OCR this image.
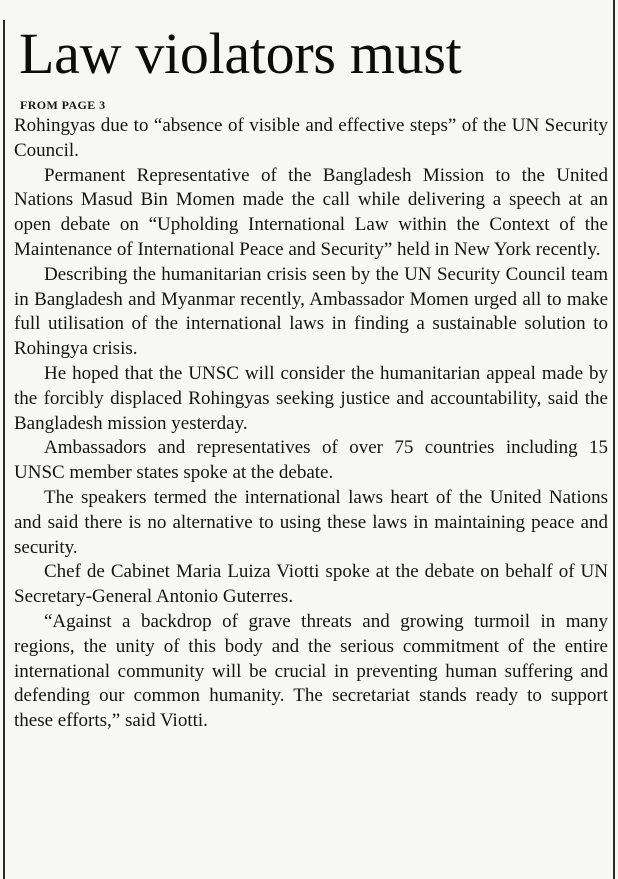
Law violators must
FROM PAGE 3

Rohingyas due to “absence of visible and effective steps” of the UN Security Council.

Permanent Representative of the Bangladesh Mission to the United Nations Masud Bin Momen made the call while delivering a speech at an open debate on “Upholding International Law within the Context of the Maintenance of International Peace and Security” held in New York recently.

Describing the humanitarian crisis seen by the UN Security Council team in Bangladesh and Myanmar recently, Ambassador Momen urged all to make full utilisation of the international laws in finding a sustainable solution to Rohingya crisis.

He hoped that the UNSC will consider the humanitarian appeal made by the forcibly displaced Rohingyas seeking justice and accountability, said the Bangladesh mission yesterday.

Ambassadors and representatives of over 75 countries including 15 UNSC member states spoke at the debate.

The speakers termed the international laws heart of the United Nations and said there is no alternative to using these laws in maintaining peace and security.

Chef de Cabinet Maria Luiza Viotti spoke at the debate on behalf of UN Secretary-General Antonio Guterres.

“Against a backdrop of grave threats and growing turmoil in many regions, the unity of this body and the serious commitment of the entire international community will be crucial in preventing human suffering and defending our common humanity. The secretariat stands ready to support these efforts,” said Viotti.
